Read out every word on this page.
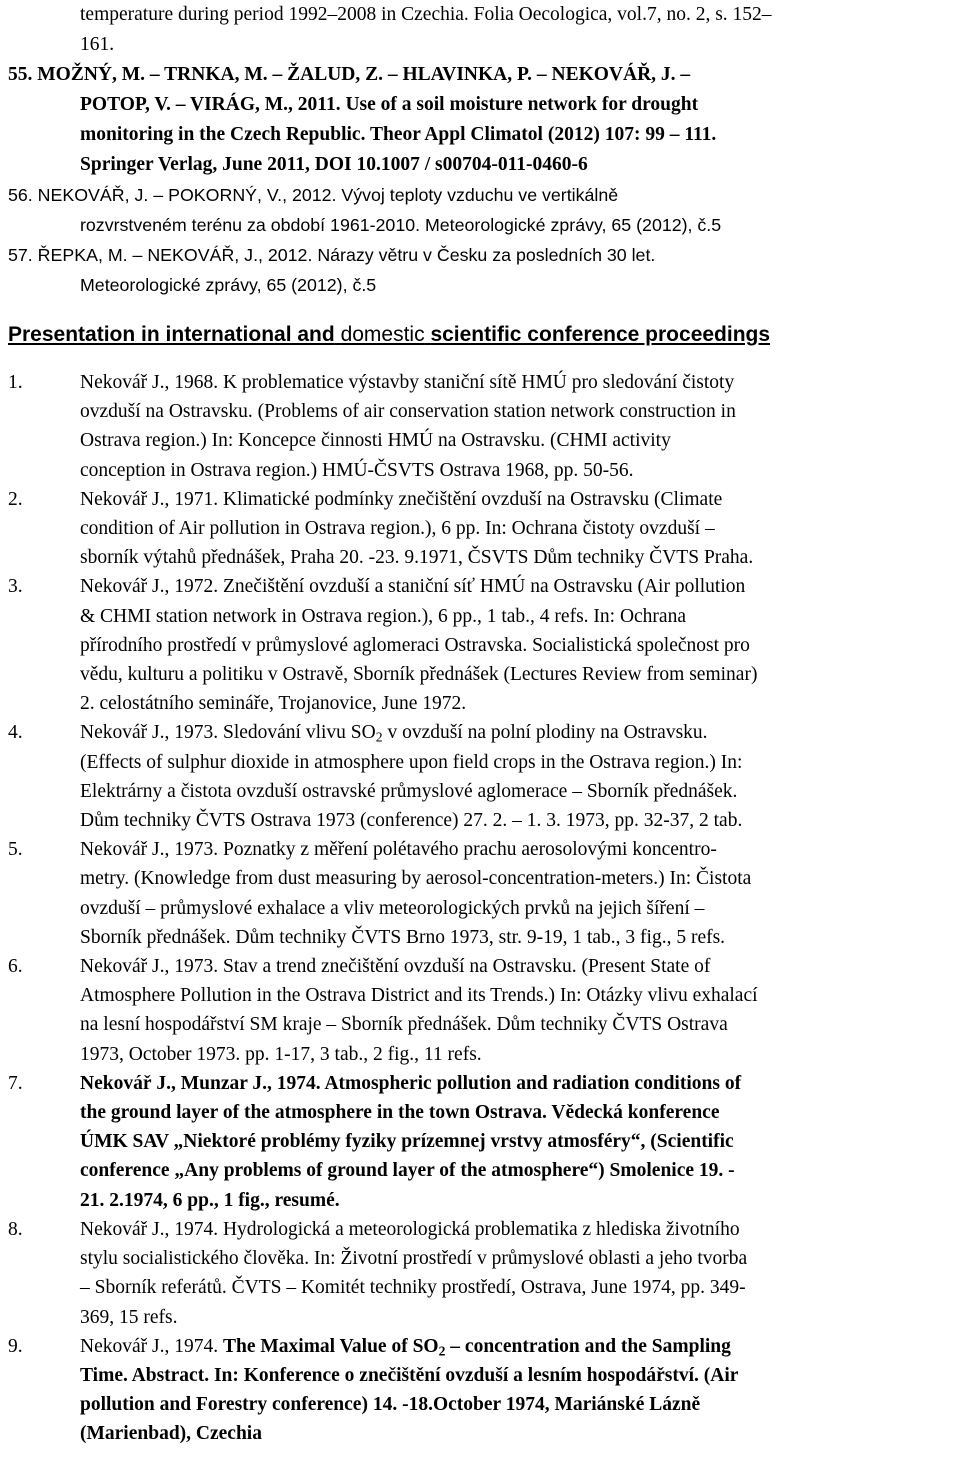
temperature during period 1992–2008 in Czechia. Folia Oecologica, vol.7, no. 2, s. 152–
161.
55. MOŽNÝ, M. – TRNKA, M. – ŽALUD, Z. – HLAVINKA, P. – NEKOVÁŘ, J. –
POTOP, V. – VIRÁG, M., 2011. Use of a soil moisture network for drought
monitoring in the Czech Republic. Theor Appl Climatol (2012) 107: 99 – 111.
Springer Verlag, June 2011, DOI 10.1007 / s00704-011-0460-6
56. NEKOVÁŘ, J. – POKORNÝ, V., 2012. Vývoj teploty vzduchu ve vertikálně
rozvrstveném terénu za období 1961-2010. Meteorologické zprávy, 65 (2012), č.5
57. ŘEPKA, M. – NEKOVÁŘ, J., 2012. Nárazy větru v Česku za posledních 30 let.
Meteorologické zprávy, 65 (2012), č.5
Presentation in international and domestic scientific conference proceedings
1.	Nekovář J., 1968. K problematice výstavby staniční sítě HMÚ pro sledování čistoty
ovzduší na Ostravsku. (Problems of air conservation station network construction in
Ostrava region.) In: Koncepce činnosti HMÚ na Ostravsku. (CHMI activity
conception in Ostrava region.) HMÚ-ČSVTS Ostrava 1968, pp. 50-56.
2.	Nekovář J., 1971. Klimatické podmínky znečištění ovzduší na Ostravsku (Climate
condition of Air pollution in Ostrava region.), 6 pp. In: Ochrana čistoty ovzduší –
sborník výtahů přednášek, Praha 20. -23. 9.1971, ČSVTS Dům techniky ČVTS Praha.
3.	Nekovář J., 1972. Znečištění ovzduší a staniční síť HMÚ na Ostravsku (Air pollution
& CHMI station network in Ostrava region.), 6 pp., 1 tab., 4 refs. In: Ochrana
přírodního prostředí v průmyslové aglomeraci Ostravska. Socialistická společnost pro
vědu, kulturu a politiku v Ostravě, Sborník přednášek (Lectures Review from seminar)
2. celostátního semináře, Trojanovice, June 1972.
4.	Nekovář J., 1973. Sledování vlivu $SO_2$ v ovzduší na polní plodiny na Ostravsku.
(Effects of sulphur dioxide in atmosphere upon field crops in the Ostrava region.) In:
Elektrárny a čistota ovzduší ostravské průmyslové aglomerace – Sborník přednášek.
Dům techniky ČVTS Ostrava 1973 (conference) 27. 2. – 1. 3. 1973, pp. 32-37, 2 tab.
5.	Nekovář J., 1973. Poznatky z měření polétavého prachu aerosolovými koncentro-
metry. (Knowledge from dust measuring by aerosol-concentration-meters.) In: Čistota
ovzduší – průmyslové exhalace a vliv meteorologických prvků na jejich šíření –
Sborník přednášek. Dům techniky ČVTS Brno 1973, str. 9-19, 1 tab., 3 fig., 5 refs.
6.	Nekovář J., 1973. Stav a trend znečištění ovzduší na Ostravsku. (Present State of
Atmosphere Pollution in the Ostrava District and its Trends.) In: Otázky vlivu exhalací
na lesní hospodářství SM kraje – Sborník přednášek. Dům techniky ČVTS Ostrava
1973, October 1973. pp. 1-17, 3 tab., 2 fig., 11 refs.
7.	Nekovář J., Munzar J., 1974. Atmospheric pollution and radiation conditions of
the ground layer of the atmosphere in the town Ostrava. Vědecká konference
ÚMK SAV „Niektoré problémy fyziky prízemnej vrstvy atmosféry“, (Scientific
conference „Any problems of ground layer of the atmosphere“) Smolenice 19. -
21. 2.1974, 6 pp., 1 fig., resumé.
8.	Nekovář J., 1974. Hydrologická a meteorologická problematika z hlediska životního
stylu socialistického člověka. In: Životní prostředí v průmyslové oblasti a jeho tvorba
– Sborník referátů. ČVTS – Komitét techniky prostředí, Ostrava, June 1974, pp. 349-
369, 15 refs.
9.	Nekovář J., 1974. The Maximal Value of $SO_2$ – concentration and the Sampling
Time. Abstract. In: Konference o znečištění ovzduší a lesním hospodářství. (Air
pollution and Forestry conference) 14. -18.October 1974, Mariánské Lázně
(Marienbad), Czechia
